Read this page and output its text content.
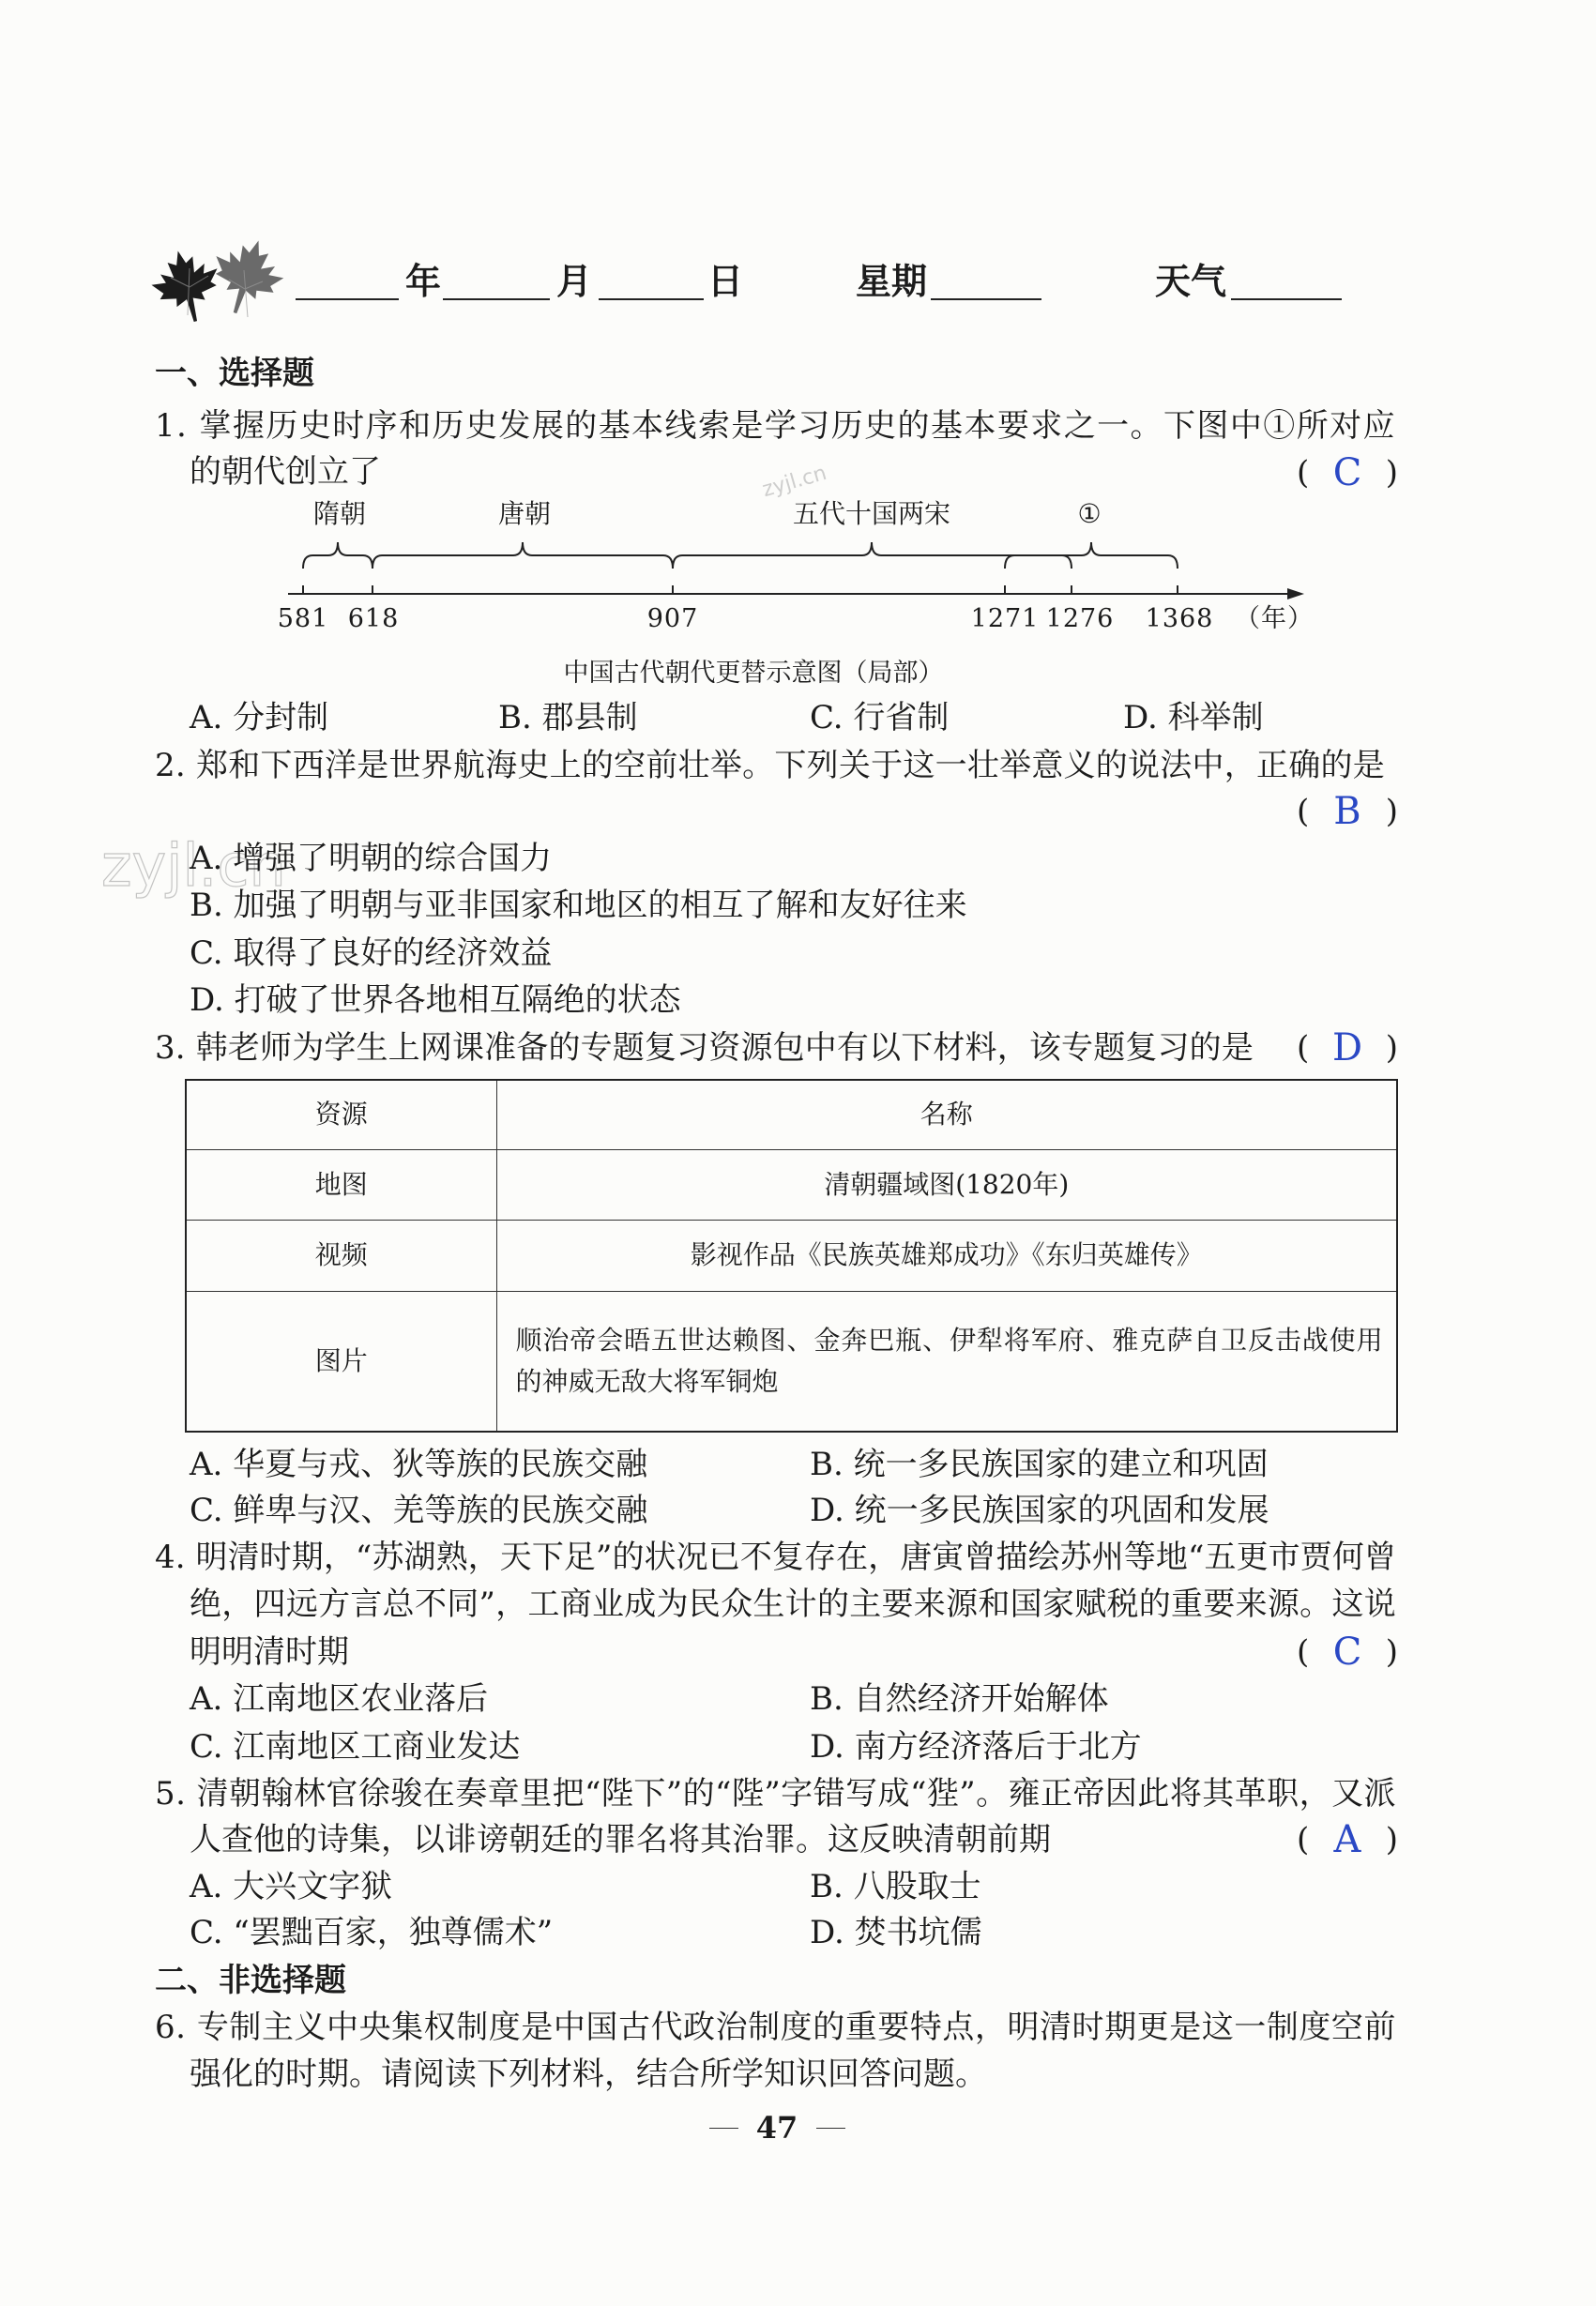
zyjl.cn
zyjl.cn
年	月	日	星期	天气
一、选择题
1. 掌握历史时序和历史发展的基本线索是学习历史的基本要求之一。下图中①所对应
的朝代创立了	( C )
隋朝	唐朝	五代十国两宋	①
581 618	907	1271 1276	1368 （年）
中国古代朝代更替示意图（局部）
A. 分封制	B. 郡县制	C. 行省制	D. 科举制
2. 郑和下西洋是世界航海史上的空前壮举。下列关于这一壮举意义的说法中，正确的是
( B )
A. 增强了明朝的综合国力
B. 加强了明朝与亚非国家和地区的相互了解和友好往来
C. 取得了良好的经济效益
D. 打破了世界各地相互隔绝的状态
3. 韩老师为学生上网课准备的专题复习资源包中有以下材料，该专题复习的是 ( D )
资源	名称
地图	清朝疆域图(1820年)
视频	影视作品《民族英雄郑成功》《东归英雄传》
图片	顺治帝会晤五世达赖图、金奔巴瓶、伊犁将军府、雅克萨自卫反击战使用
的神威无敌大将军铜炮
A. 华夏与戎、狄等族的民族交融	B. 统一多民族国家的建立和巩固
C. 鲜卑与汉、羌等族的民族交融	D. 统一多民族国家的巩固和发展
4. 明清时期，“苏湖熟，天下足”的状况已不复存在，唐寅曾描绘苏州等地“五更市贾何曾
绝，四远方言总不同”，工商业成为民众生计的主要来源和国家赋税的重要来源。这说
明明清时期	( C )
A. 江南地区农业落后	B. 自然经济开始解体
C. 江南地区工商业发达	D. 南方经济落后于北方
5. 清朝翰林官徐骏在奏章里把“陛下”的“陛”字错写成“狴”。雍正帝因此将其革职，又派
人查他的诗集，以诽谤朝廷的罪名将其治罪。这反映清朝前期	( A )
A. 大兴文字狱	B. 八股取士
C. “罢黜百家，独尊儒术”	D. 焚书坑儒
二、非选择题
6. 专制主义中央集权制度是中国古代政治制度的重要特点，明清时期更是这一制度空前
强化的时期。请阅读下列材料，结合所学知识回答问题。
47
